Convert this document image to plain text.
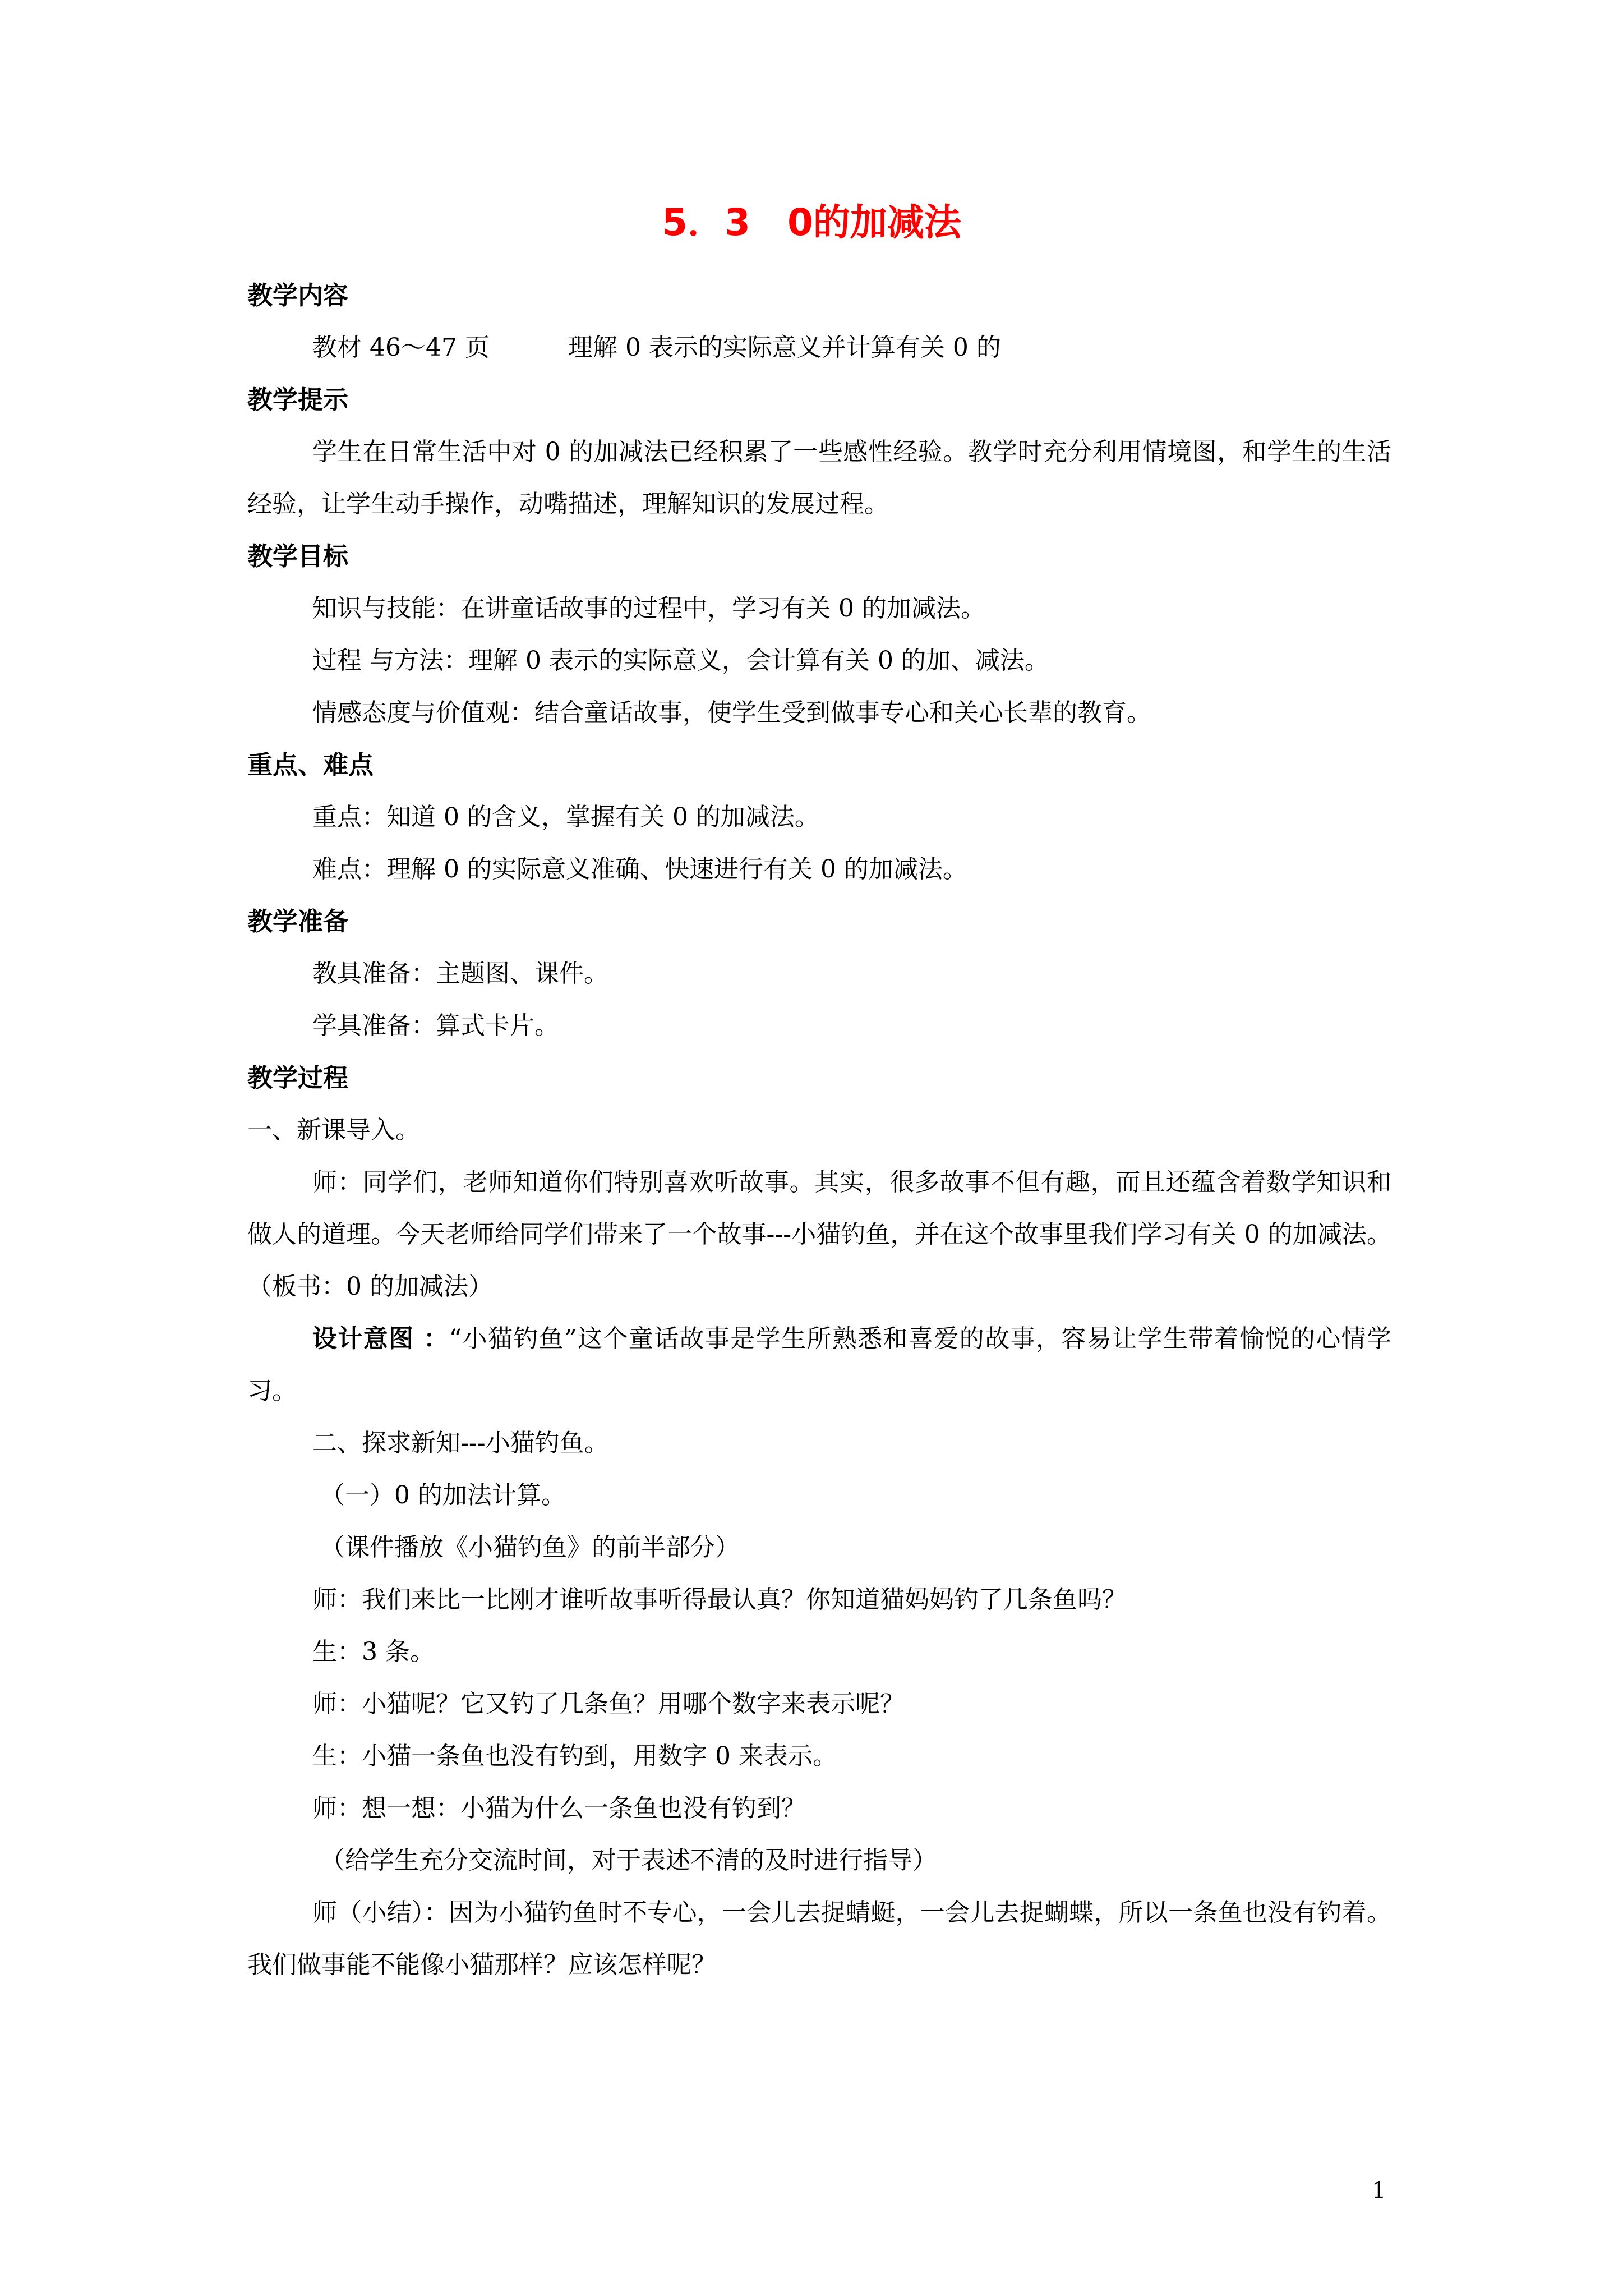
5．3　0的加减法
教学内容
教材 46～47 页	理解 0 表示的实际意义并计算有关 0 的
教学提示
学生在日常生活中对 0 的加减法已经积累了一些感性经验。教学时充分利用情境图，和学生的生活经验，让学生动手操作，动嘴描述，理解知识的发展过程。
教学目标
知识与技能：在讲童话故事的过程中，学习有关 0 的加减法。
过程 与方法：理解 0 表示的实际意义，会计算有关 0 的加、减法。
情感态度与价值观：结合童话故事，使学生受到做事专心和关心长辈的教育。
重点、难点
重点：知道 0 的含义，掌握有关 0 的加减法。
难点：理解 0 的实际意义准确、快速进行有关 0 的加减法。
教学准备
教具准备：主题图、课件。
学具准备：算式卡片。
教学过程
一、新课导入。
师：同学们，老师知道你们特别喜欢听故事。其实，很多故事不但有趣，而且还蕴含着数学知识和做人的道理。今天老师给同学们带来了一个故事---小猫钓鱼，并在这个故事里我们学习有关 0 的加减法。（板书：0 的加减法）
设计意图 ：“小猫钓鱼”这个童话故事是学生所熟悉和喜爱的故事，容易让学生带着愉悦的心情学习。
二、探求新知---小猫钓鱼。
（一）0 的加法计算。
（课件播放《小猫钓鱼》的前半部分）
师：我们来比一比刚才谁听故事听得最认真？你知道猫妈妈钓了几条鱼吗？
生：3 条。
师：小猫呢？它又钓了几条鱼？用哪个数字来表示呢？
生：小猫一条鱼也没有钓到，用数字 0 来表示。
师：想一想：小猫为什么一条鱼也没有钓到？
（给学生充分交流时间，对于表述不清的及时进行指导）
师（小结）：因为小猫钓鱼时不专心，一会儿去捉蜻蜓，一会儿去捉蝴蝶，所以一条鱼也没有钓着。我们做事能不能像小猫那样？应该怎样呢？
1
